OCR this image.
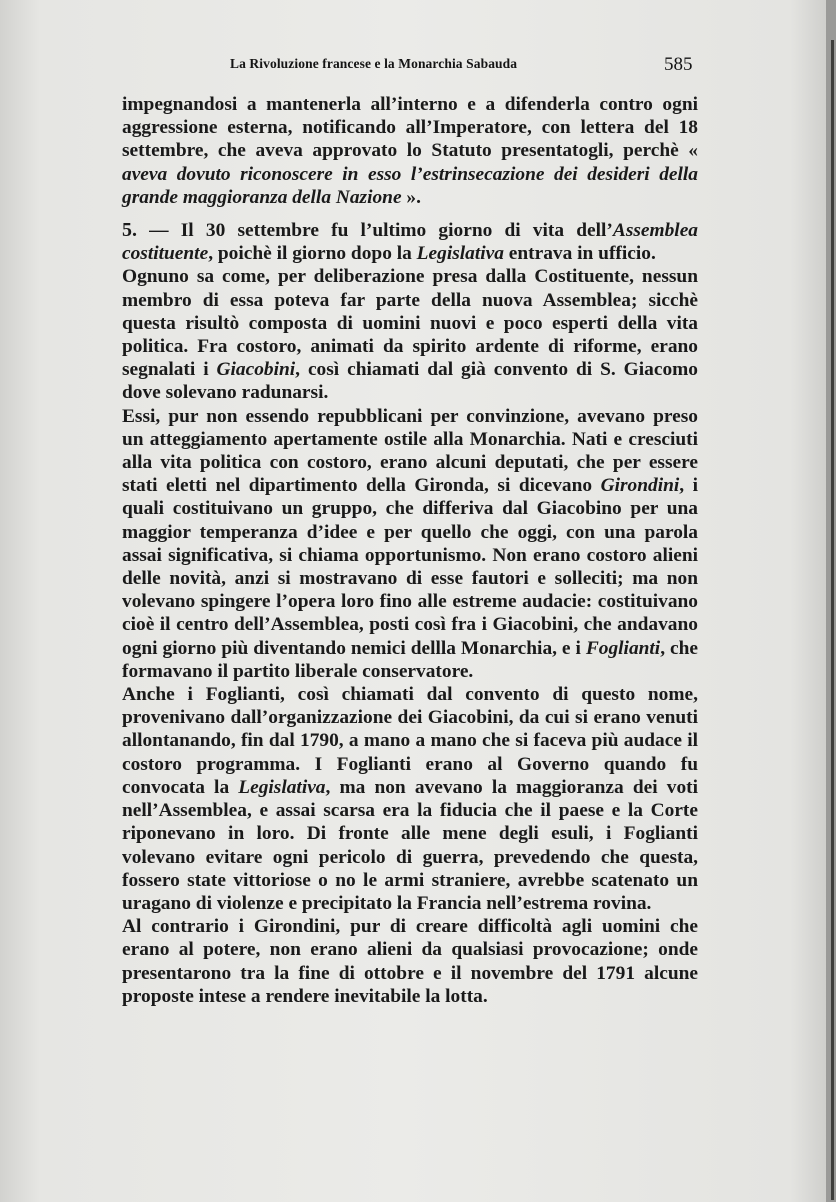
La Rivoluzione francese e la Monarchia Sabauda	585

impegnandosi a mantenerla all’interno e a difenderla contro ogni aggressione esterna, notificando all’Imperatore, con lettera del 18 settembre, che aveva approvato lo Statuto presentatogli, perchè « aveva dovuto riconoscere in esso l’estrinsecazione dei desideri della grande maggioranza della Nazione ».

5. — Il 30 settembre fu l’ultimo giorno di vita dell’Assemblea costituente, poichè il giorno dopo la Legislativa entrava in ufficio.

Ognuno sa come, per deliberazione presa dalla Costituente, nessun membro di essa poteva far parte della nuova Assemblea; sicchè questa risultò composta di uomini nuovi e poco esperti della vita politica. Fra costoro, animati da spirito ardente di riforme, erano segnalati i Giacobini, così chiamati dal già convento di S. Giacomo dove solevano radunarsi.

Essi, pur non essendo repubblicani per convinzione, avevano preso un atteggiamento apertamente ostile alla Monarchia. Nati e cresciuti alla vita politica con costoro, erano alcuni deputati, che per essere stati eletti nel dipartimento della Gironda, si dicevano Girondini, i quali costituivano un gruppo, che differiva dal Giacobino per una maggior temperanza d’idee e per quello che oggi, con una parola assai significativa, si chiama opportunismo. Non erano costoro alieni delle novità, anzi si mostravano di esse fautori e solleciti; ma non volevano spingere l’opera loro fino alle estreme audacie: costituivano cioè il centro dell’Assemblea, posti così fra i Giacobini, che andavano ogni giorno più diventando nemici dellla Monarchia, e i Foglianti, che formavano il partito liberale conservatore.

Anche i Foglianti, così chiamati dal convento di questo nome, provenivano dall’organizzazione dei Giacobini, da cui si erano venuti allontanando, fin dal 1790, a mano a mano che si faceva più audace il costoro programma. I Foglianti erano al Governo quando fu convocata la Legislativa, ma non avevano la maggioranza dei voti nell’Assemblea, e assai scarsa era la fiducia che il paese e la Corte riponevano in loro. Di fronte alle mene degli esuli, i Foglianti volevano evitare ogni pericolo di guerra, prevedendo che questa, fossero state vittoriose o no le armi straniere, avrebbe scatenato un uragano di violenze e precipitato la Francia nell’estrema rovina.

Al contrario i Girondini, pur di creare difficoltà agli uomini che erano al potere, non erano alieni da qualsiasi provocazione; onde presentarono tra la fine di ottobre e il novembre del 1791 alcune proposte intese a rendere inevitabile la lotta.
